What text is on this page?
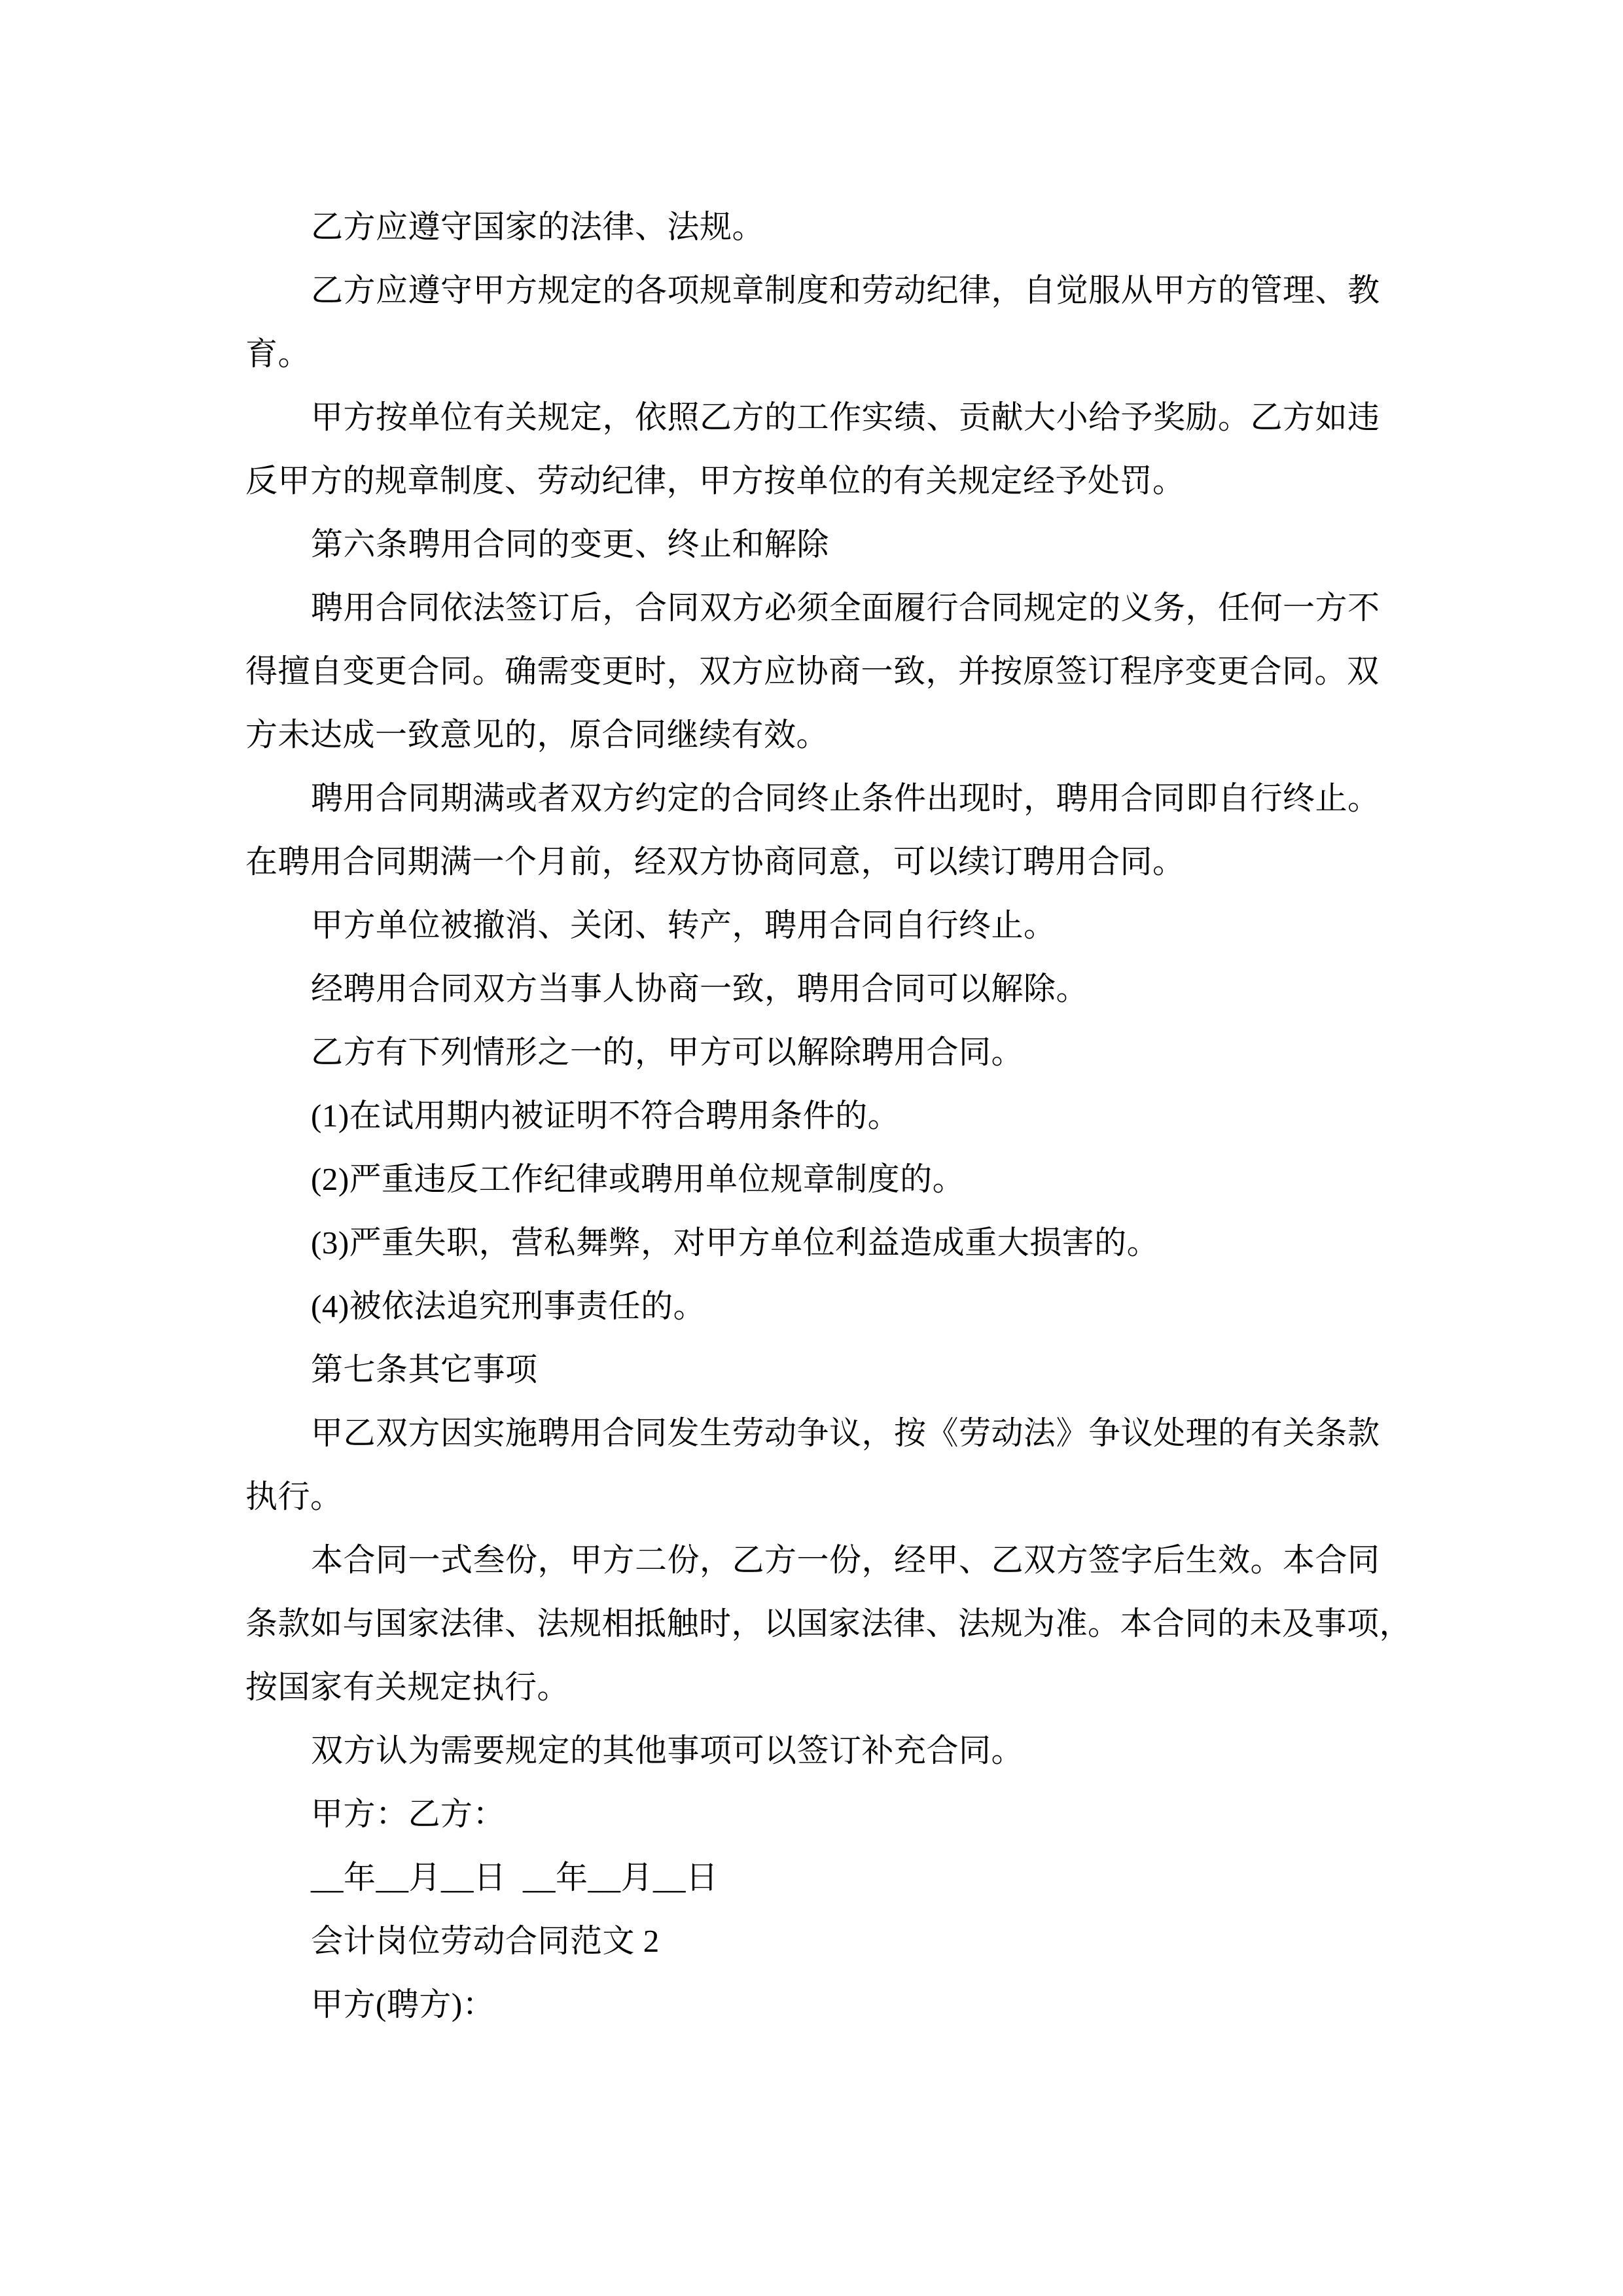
乙方应遵守国家的法律、法规。
乙方应遵守甲方规定的各项规章制度和劳动纪律，自觉服从甲方的管理、教
育。
甲方按单位有关规定，依照乙方的工作实绩、贡献大小给予奖励。乙方如违
反甲方的规章制度、劳动纪律，甲方按单位的有关规定经予处罚。
第六条聘用合同的变更、终止和解除
聘用合同依法签订后，合同双方必须全面履行合同规定的义务，任何一方不
得擅自变更合同。确需变更时，双方应协商一致，并按原签订程序变更合同。双
方未达成一致意见的，原合同继续有效。
聘用合同期满或者双方约定的合同终止条件出现时，聘用合同即自行终止。
在聘用合同期满一个月前，经双方协商同意，可以续订聘用合同。
甲方单位被撤消、关闭、转产，聘用合同自行终止。
经聘用合同双方当事人协商一致，聘用合同可以解除。
乙方有下列情形之一的，甲方可以解除聘用合同。
(1)在试用期内被证明不符合聘用条件的。
(2)严重违反工作纪律或聘用单位规章制度的。
(3)严重失职，营私舞弊，对甲方单位利益造成重大损害的。
(4)被依法追究刑事责任的。
第七条其它事项
甲乙双方因实施聘用合同发生劳动争议，按《劳动法》争议处理的有关条款
执行。
本合同一式叁份，甲方二份，乙方一份，经甲、乙双方签字后生效。本合同
条款如与国家法律、法规相抵触时，以国家法律、法规为准。本合同的未及事项，
按国家有关规定执行。
双方认为需要规定的其他事项可以签订补充合同。
甲方：乙方：
__年__月__日  __年__月__日
会计岗位劳动合同范文 2
甲方(聘方)：
